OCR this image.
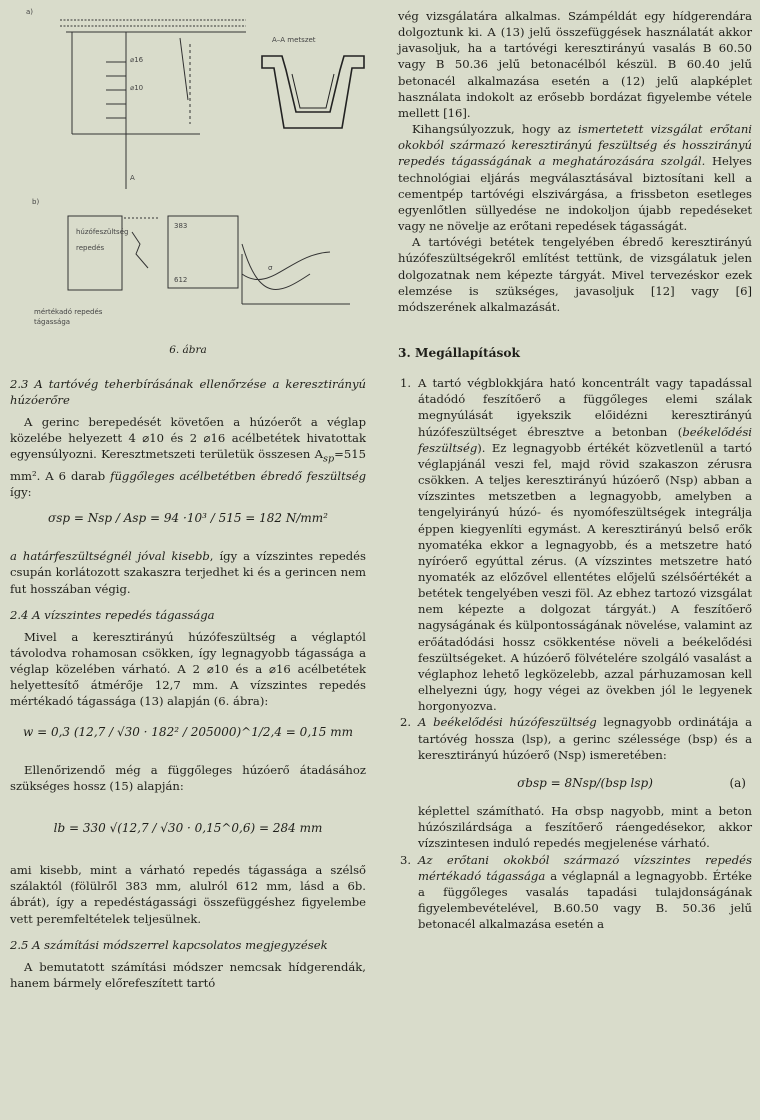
a)
⌀16
⌀10
A
A–A metszet
b)
húzófeszültség
repedés
383
612
σ
mértékadó repedés
tágassága
6. ábra
2.3 A tartóvég teherbírásának ellenőrzése a keresztirányú húzóerőre

A gerinc berepedését követően a húzóerőt a véglap közelébe helyezett 4 ⌀10 és 2 ⌀16 acélbetétek hivatottak egyensúlyozni. Keresztmetszeti területük összesen $A_{sp}=515$ mm². A 6 darab függőleges acélbetétben ébredő feszültség így:

σsp = Nsp / Asp = 94 ·10³ / 515 = 182 N/mm²

a határfeszültségnél jóval kisebb, így a vízszintes repedés csupán korlátozott szakaszra terjedhet ki és a gerincen nem fut hosszában végig.

2.4 A vízszintes repedés tágassága

Mivel a keresztirányú húzófeszültség a véglaptól távolodva rohamosan csökken, így legnagyobb tágassága a véglap közelében várható. A 2 ⌀10 és a ⌀16 acélbetétek helyettesítő átmérője 12,7 mm. A vízszintes repedés mértékadó tágassága (13) alapján (6. ábra):

w = 0,3 (12,7 / √30 · 182² / 205000)^1/2,4 = 0,15 mm

Ellenőrizendő még a függőleges húzóerő átadásához szükséges hossz (15) alapján:

lb = 330 √(12,7 / √30 · 0,15^0,6) = 284 mm

ami kisebb, mint a várható repedés tágassága a szélső szálaktól (fölülről 383 mm, alulról 612 mm, lásd a 6b. ábrát), így a repedéstágassági összefüggéshez figyelembe vett peremfeltételek teljesülnek.

2.5 A számítási módszerrel kapcsolatos megjegyzések

A bemutatott számítási módszer nemcsak hídgerendák, hanem bármely előrefeszített tartó

vég vizsgálatára alkalmas. Számpéldát egy hídgerendára dolgoztunk ki. A (13) jelű összefüggések használatát akkor javasoljuk, ha a tartóvégi keresztirányú vasalás B 60.50 vagy B 50.36 jelű betonacélból készül. B 60.40 jelű betonacél alkalmazása esetén a (12) jelű alapképlet használata indokolt az erősebb bordázat figyelembe vétele mellett [16].

Kihangsúlyozzuk, hogy az ismertetett vizsgálat erőtani okokból származó keresztirányú feszültség és hosszirányú repedés tágasságának a meghatározására szolgál. Helyes technológiai eljárás megválasztásával biztosítani kell a cementpép tartóvégi elszivárgása, a frissbeton esetleges egyenlőtlen süllyedése ne indokoljon újabb repedéseket vagy ne növelje az erőtani repedések tágasságát.

A tartóvégi betétek tengelyében ébredő keresztirányú húzófeszültségekről említést tettünk, de vizsgálatuk jelen dolgozatnak nem képezte tárgyát. Mivel tervezéskor ezek elemzése is szükséges, javasoljuk [12] vagy [6] módszerének alkalmazását.

3. Megállapítások
1. A tartó végblokkjára ható koncentrált vagy tapadással átadódó feszítőerő a függőleges elemi szálak megnyúlását igyekszik előidézni keresztirányú húzófeszültséget ébresztve a betonban (beékelődési feszültség). Ez legnagyobb értékét közvetlenül a tartó véglapjánál veszi fel, majd rövid szakaszon zérusra csökken. A teljes keresztirányú húzóerő (Nsp) abban a vízszintes metszetben a legnagyobb, amelyben a tengelyirányú húzó- és nyomófeszültségek integrálja éppen kiegyenlíti egymást. A keresztirányú belső erők nyomatéka ekkor a legnagyobb, és a metszetre ható nyíróerő egyúttal zérus. (A vízszintes metszetre ható nyomaték az előzővel ellentétes előjelű szélsőértékét a betétek tengelyében veszi föl. Az ebhez tartozó vizsgálat nem képezte a dolgozat tárgyát.) A feszítőerő nagyságának és külpontosságának növelése, valamint az erőátadódási hossz csökkentése növeli a beékelődési feszültségeket. A húzóerő fölvételére szolgáló vasalást a véglaphoz lehető legközelebb, azzal párhuzamosan kell elhelyezni úgy, hogy végei az övekben jól le legyenek horgonyozva.
2. A beékelődési húzófeszültség legnagyobb ordinátája a tartóvég hossza (lsp), a gerinc szélessége (bsp) és a keresztirányú húzóerő (Nsp) ismeretében:
σbsp = 8Nsp/(bsp lsp)	(a)
képlettel számítható. Ha σbsp nagyobb, mint a beton húzószilárdsága a feszítőerő ráengedésekor, akkor vízszintesen induló repedés megjelenése várható.
3. Az erőtani okokból származó vízszintes repedés mértékadó tágassága a véglapnál a legnagyobb. Értéke a függőleges vasalás tapadási tulajdonságának figyelembevételével, B.60.50 vagy B. 50.36 jelű betonacél alkalmazása esetén a
